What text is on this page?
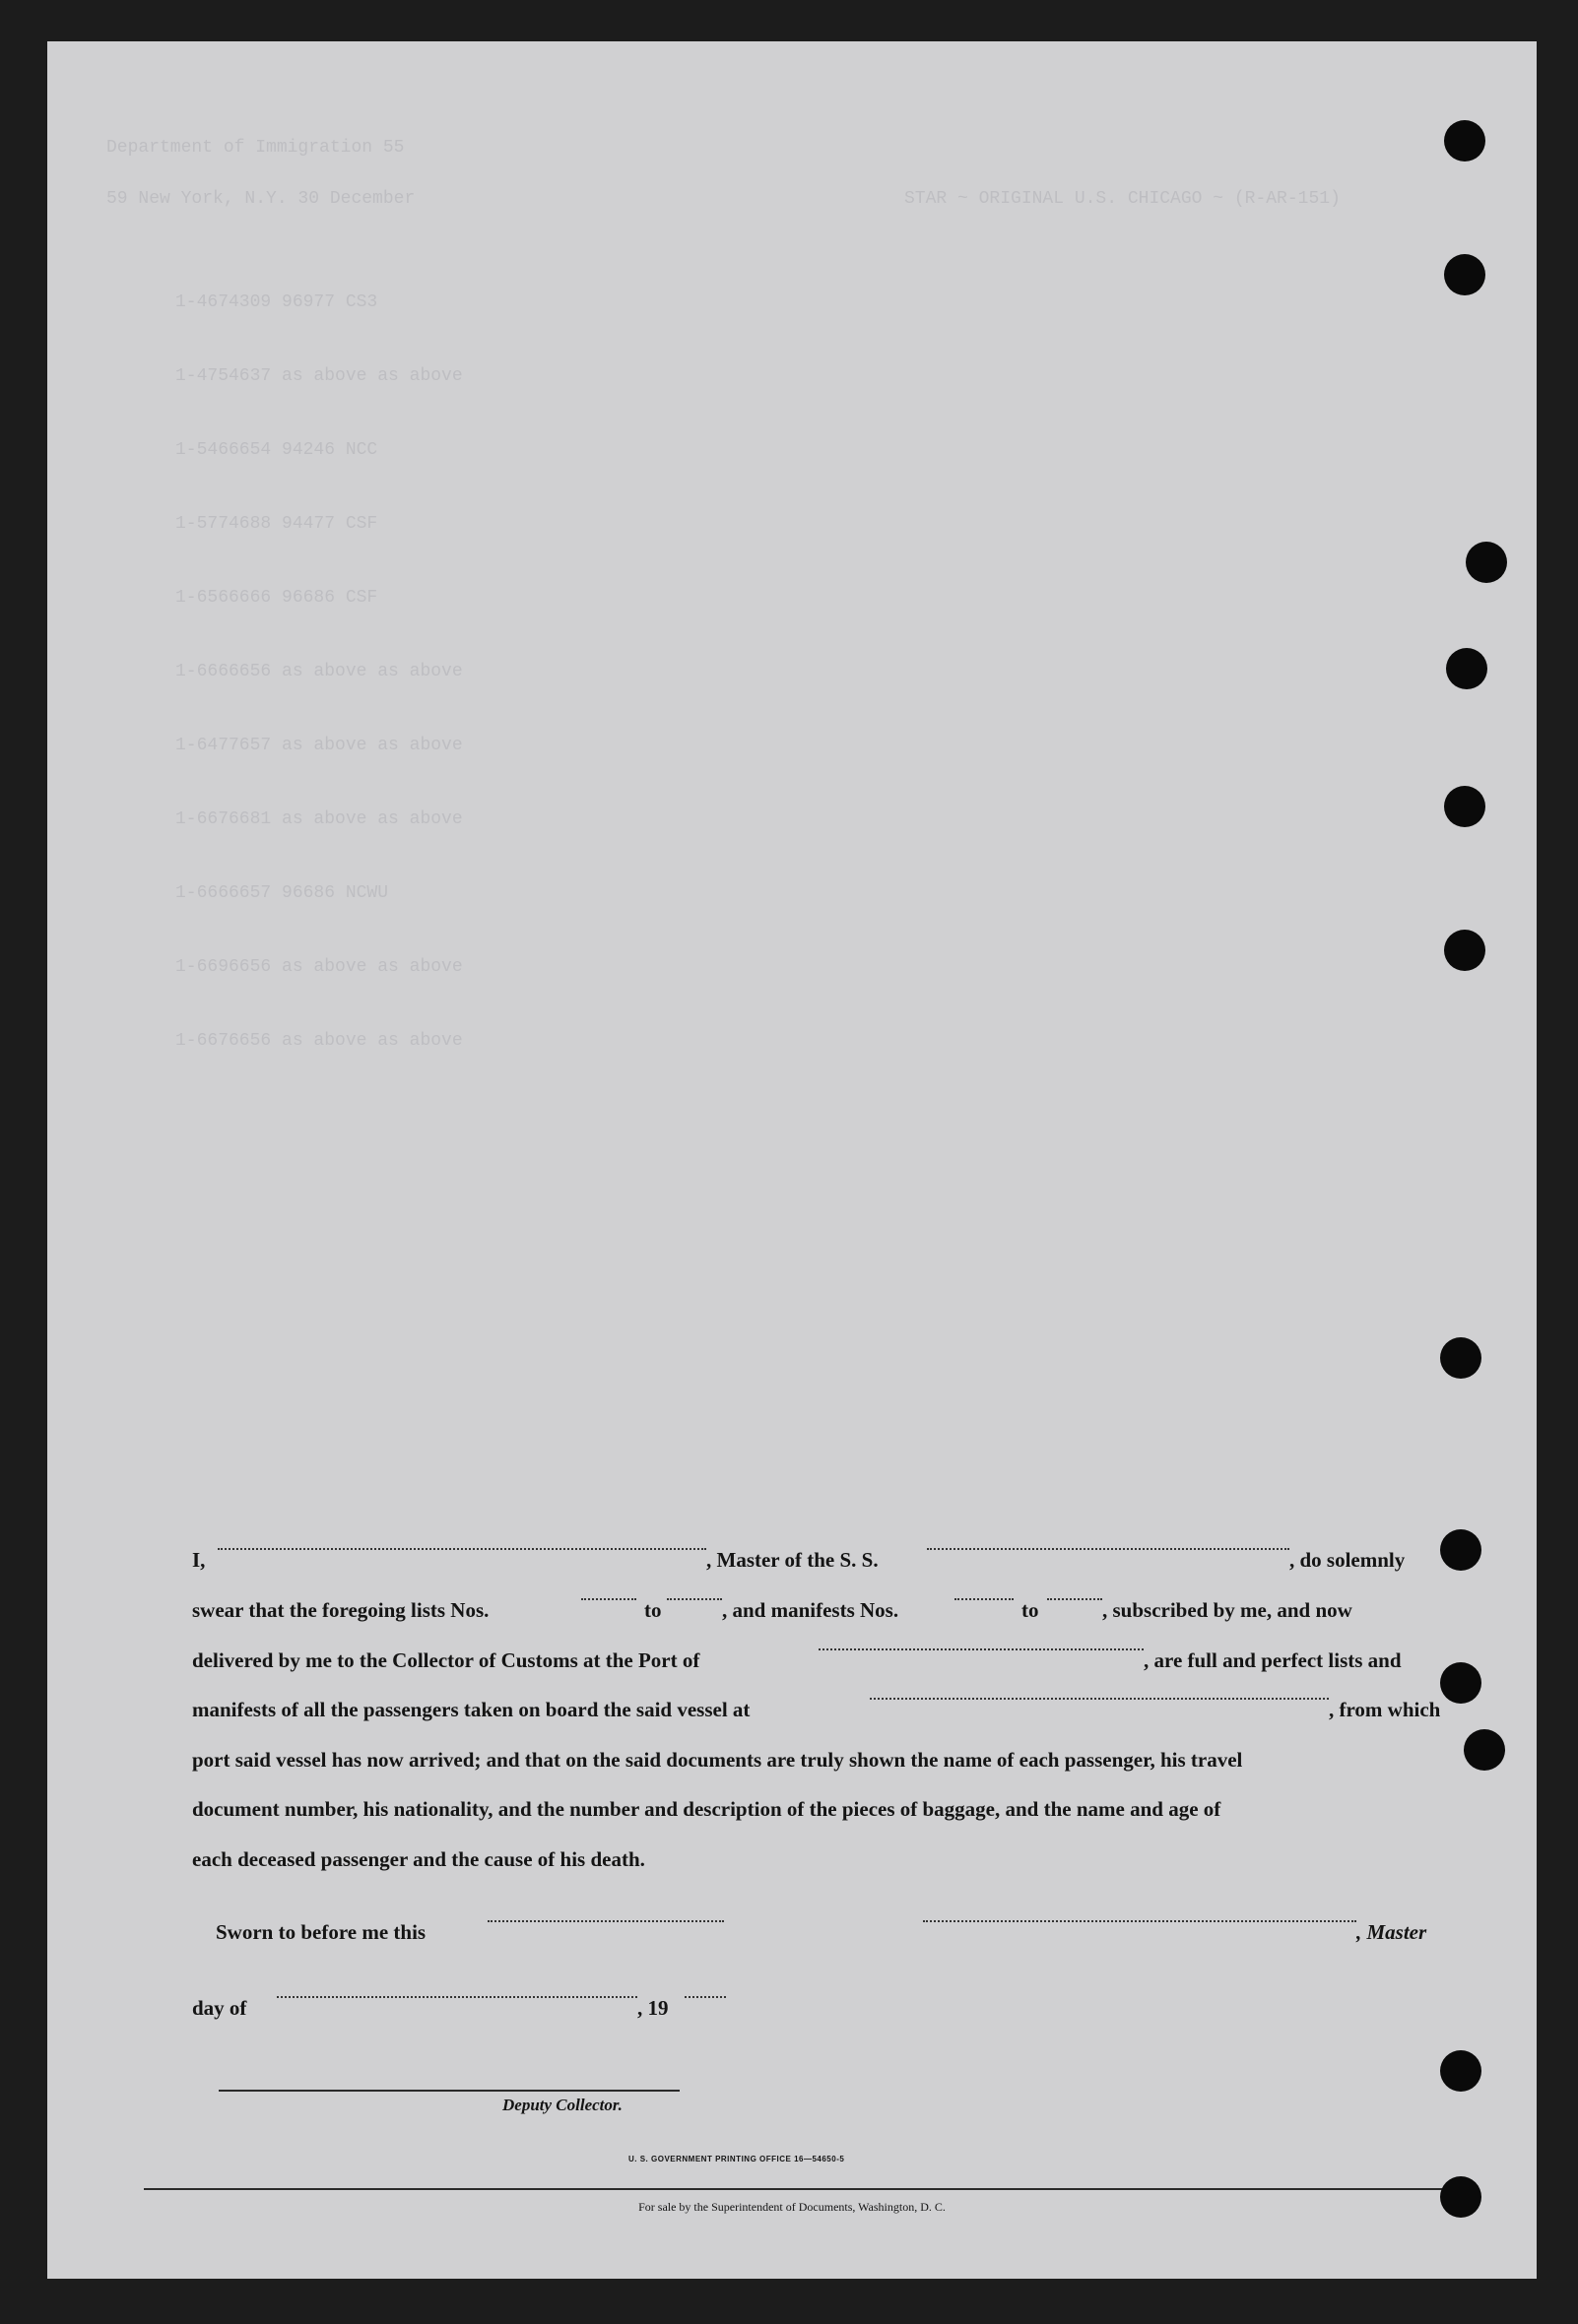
Department of Immigration 55
59 New York, N.Y. 30 December	STAR ~ ORIGINAL U.S. CHICAGO ~ (R-AR-151)
1-4674309 96977 CS3
1-4754637 as above as above
1-5466654 94246 NCC
1-5774688 94477 CSF
1-6566666 96686 CSF
1-6666656 as above as above
1-6477657 as above as above
1-6676681 as above as above
1-6666657 96686 NCWU
1-6696656 as above as above
1-6676656 as above as above
I,	, Master of the S. S.	, do solemnly
swear that the foregoing lists Nos.	to	, and manifests Nos.	to	, subscribed by me, and now
delivered by me to the Collector of Customs at the Port of	, are full and perfect lists and
manifests of all the passengers taken on board the said vessel at	, from which
port said vessel has now arrived; and that on the said documents are truly shown the name of each passenger, his travel
document number, his nationality, and the number and description of the pieces of baggage, and the name and age of
each deceased passenger and the cause of his death.
Sworn to before me this	, Master
day of	, 19
Deputy Collector.
U. S. GOVERNMENT PRINTING OFFICE 16—54650-5
For sale by the Superintendent of Documents, Washington, D. C.
